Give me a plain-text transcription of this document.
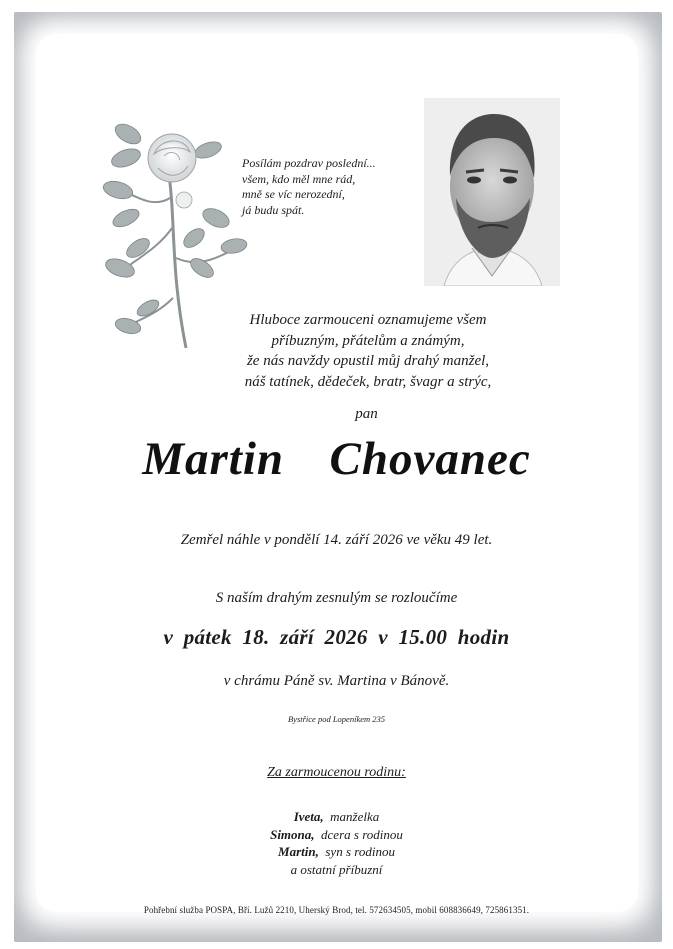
Posílám pozdrav poslední...
všem, kdo měl mne rád,
mně se víc nerozední,
já budu spát.
Hluboce zarmouceni oznamujeme všem
příbuzným, přátelům a známým,
že nás navždy opustil můj drahý manžel,
náš tatínek, dědeček, bratr, švagr a strýc,
pan
Martin  Chovanec
Zemřel náhle v pondělí 14. září 2026 ve věku 49 let.
S naším drahým zesnulým se rozloučíme
v pátek 18. září 2026 v 15.00 hodin
v chrámu Páně sv. Martina v Bánově.
Bystřice pod Lopeníkem 235
Za zarmoucenou rodinu:
Iveta, manželka
Simona, dcera s rodinou
Martin, syn s rodinou
a ostatní příbuzní
Pohřební služba POSPA, Bří. Lužů 2210, Uherský Brod, tel. 572634505, mobil 608836649, 725861351.
